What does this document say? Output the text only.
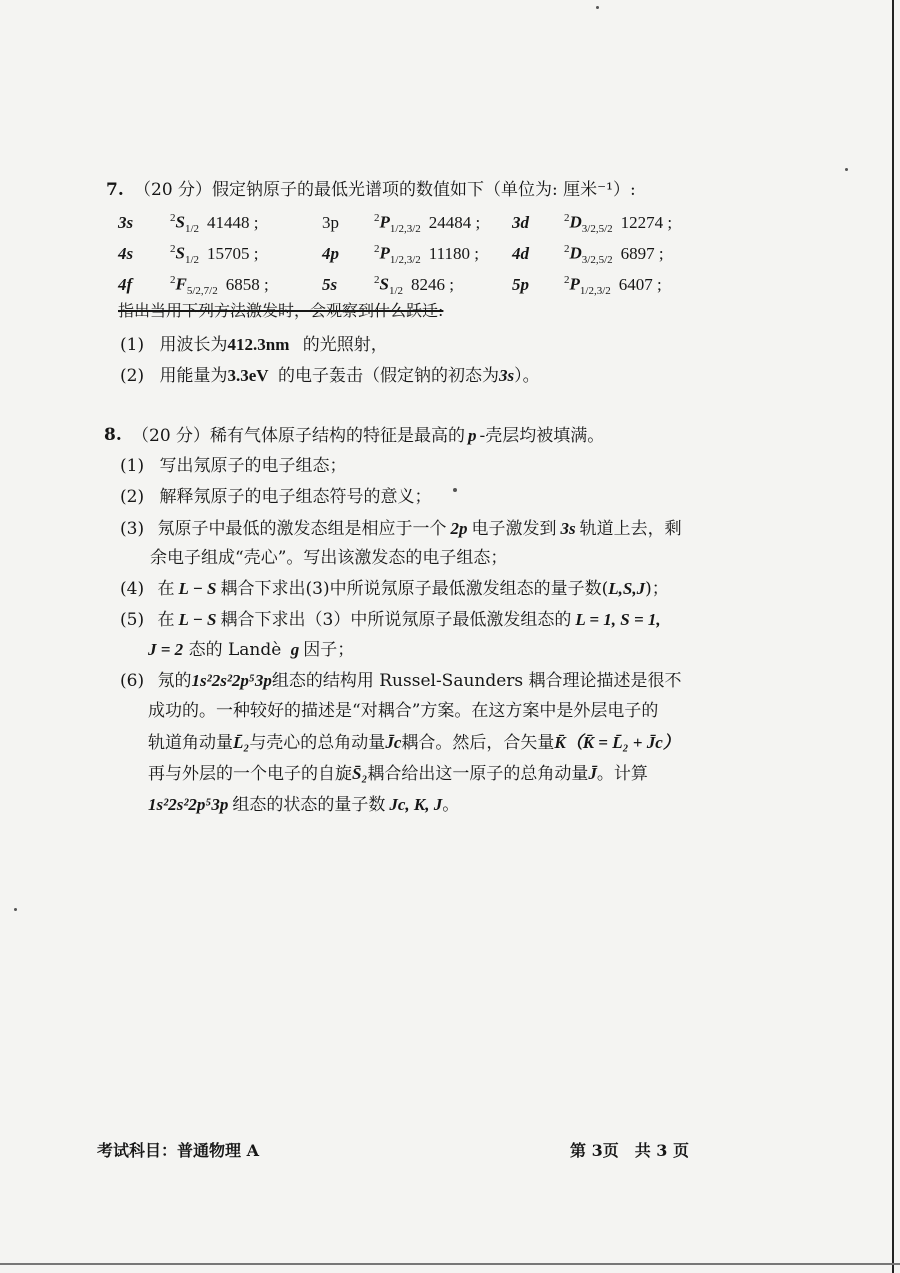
7. （20 分）假定钠原子的最低光谱项的数值如下（单位为: 厘米⁻¹）:
3s	$^2S_{1/2}$ 41448 ;	3p	$^2P_{1/2,3/2}$ 24484 ; 3d	$^2D_{3/2,5/2}$ 12274 ;
4s	$^2S_{1/2}$ 15705 ;	4p	$^2P_{1/2,3/2}$ 11180 ; 4d	$^2D_{3/2,5/2}$ 6897 ;
4f	$^2F_{5/2,7/2}$ 6858 ;	5s	$^2S_{1/2}$ 8246 ;	5p	$^2P_{1/2,3/2}$ 6407 ;
指出当用下列方法激发时，会观察到什么跃迁:
(1) 用波长为412.3nm 的光照射，
(2) 用能量为3.3eV 的电子轰击（假定钠的初态为3s）。
8. （20 分）稀有气体原子结构的特征是最高的 p -壳层均被填满。
(1) 写出氖原子的电子组态；
(2) 解释氖原子的电子组态符号的意义；
(3) 氖原子中最低的激发态组是相应于一个 2p 电子激发到 3s 轨道上去，剩
余电子组成“壳心”。写出该激发态的电子组态；
(4) 在 L − S 耦合下求出(3)中所说氖原子最低激发组态的量子数(L,S,J)；
(5) 在 L − S 耦合下求出（3）中所说氖原子最低激发组态的 L = 1, S = 1,
J = 2 态的 Landè g 因子；
(6) 氖的1s²2s²2p⁵3p组态的结构用 Russel-Saunders 耦合理论描述是很不
成功的。一种较好的描述是“对耦合”方案。在这方案中是外层电子的
轨道角动量L̄₂与壳心的总角动量J̄c耦合。然后，合矢量K̄（K̄ = L̄₂ + J̄c）
再与外层的一个电子的自旋S̄₂耦合给出这一原子的总角动量J̄。计算
1s²2s²2p⁵3p 组态的状态的量子数 Jc, K, J。
考试科目：普通物理 A	第 3页　共 3 页
